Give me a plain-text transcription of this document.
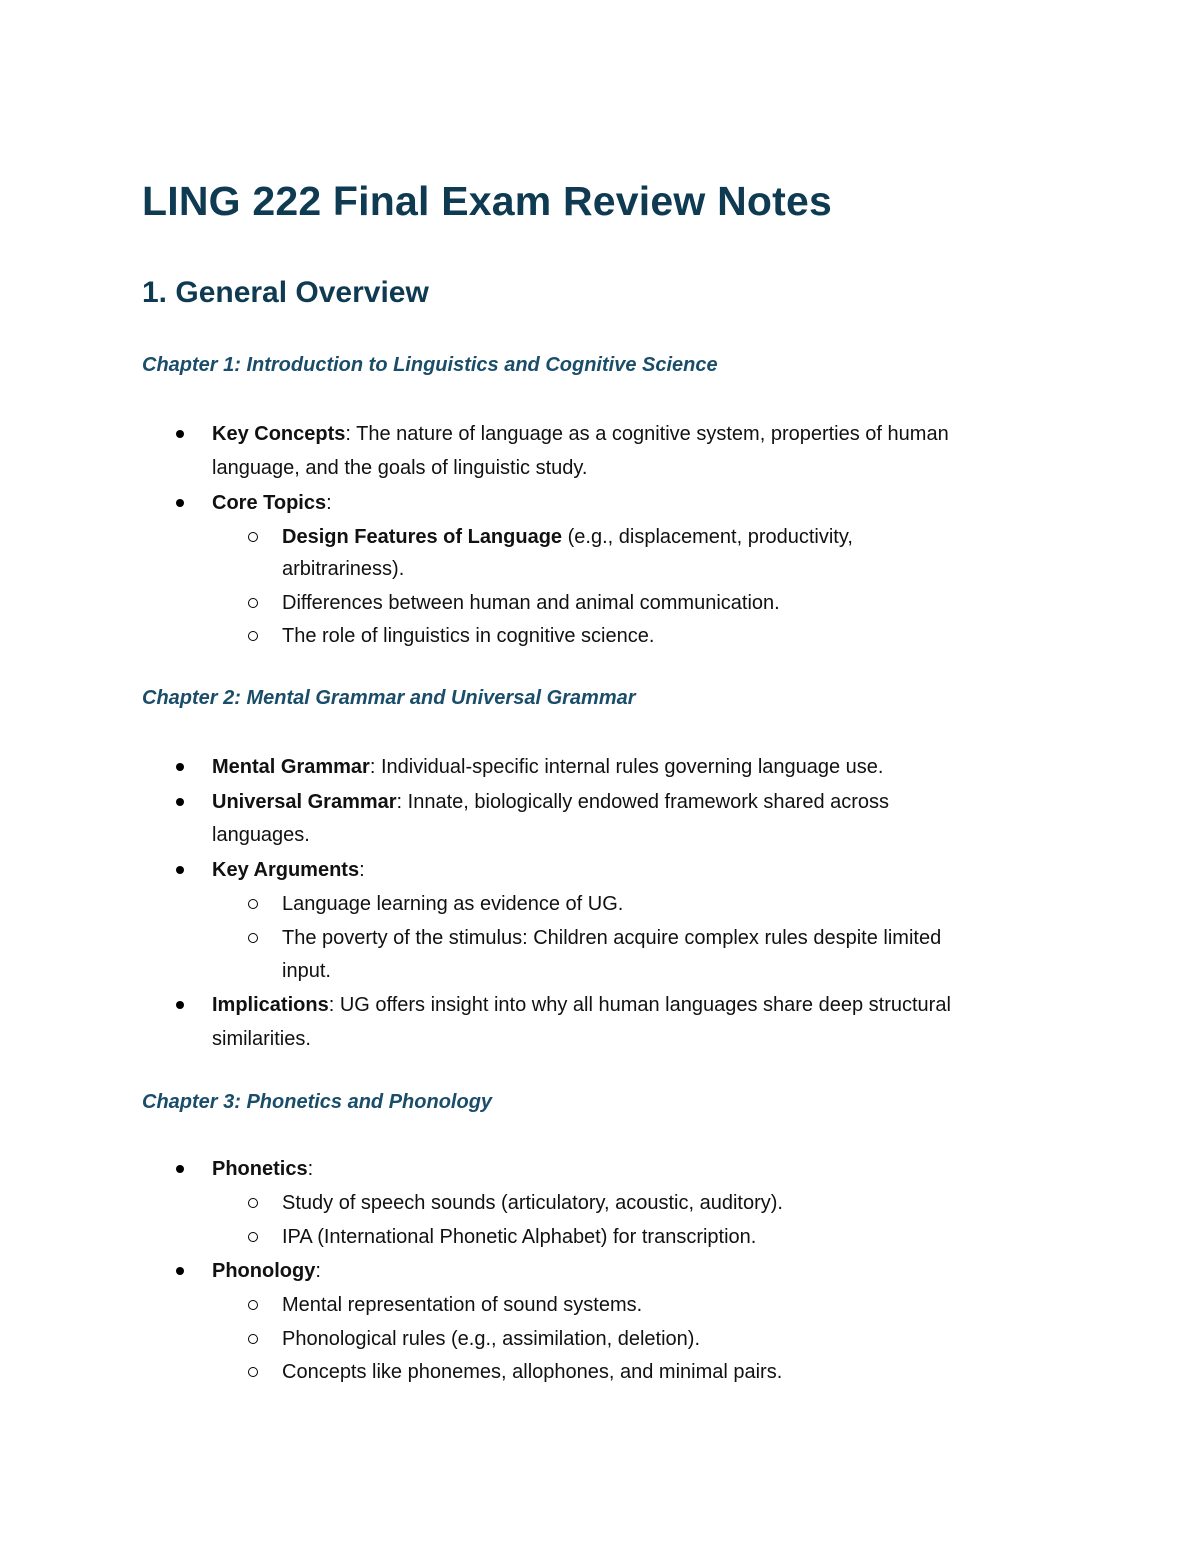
LING 222 Final Exam Review Notes
1. General Overview
Chapter 1: Introduction to Linguistics and Cognitive Science

Key Concepts: The nature of language as a cognitive system, properties of human

language, and the goals of linguistic study.

Core Topics:

Design Features of Language (e.g., displacement, productivity,

arbitrariness).

Differences between human and animal communication.

The role of linguistics in cognitive science.

Chapter 2: Mental Grammar and Universal Grammar

Mental Grammar: Individual-specific internal rules governing language use.

Universal Grammar: Innate, biologically endowed framework shared across

languages.

Key Arguments:

Language learning as evidence of UG.

The poverty of the stimulus: Children acquire complex rules despite limited

input.

Implications: UG offers insight into why all human languages share deep structural

similarities.

Chapter 3: Phonetics and Phonology

Phonetics:

Study of speech sounds (articulatory, acoustic, auditory).

IPA (International Phonetic Alphabet) for transcription.

Phonology:

Mental representation of sound systems.

Phonological rules (e.g., assimilation, deletion).

Concepts like phonemes, allophones, and minimal pairs.
